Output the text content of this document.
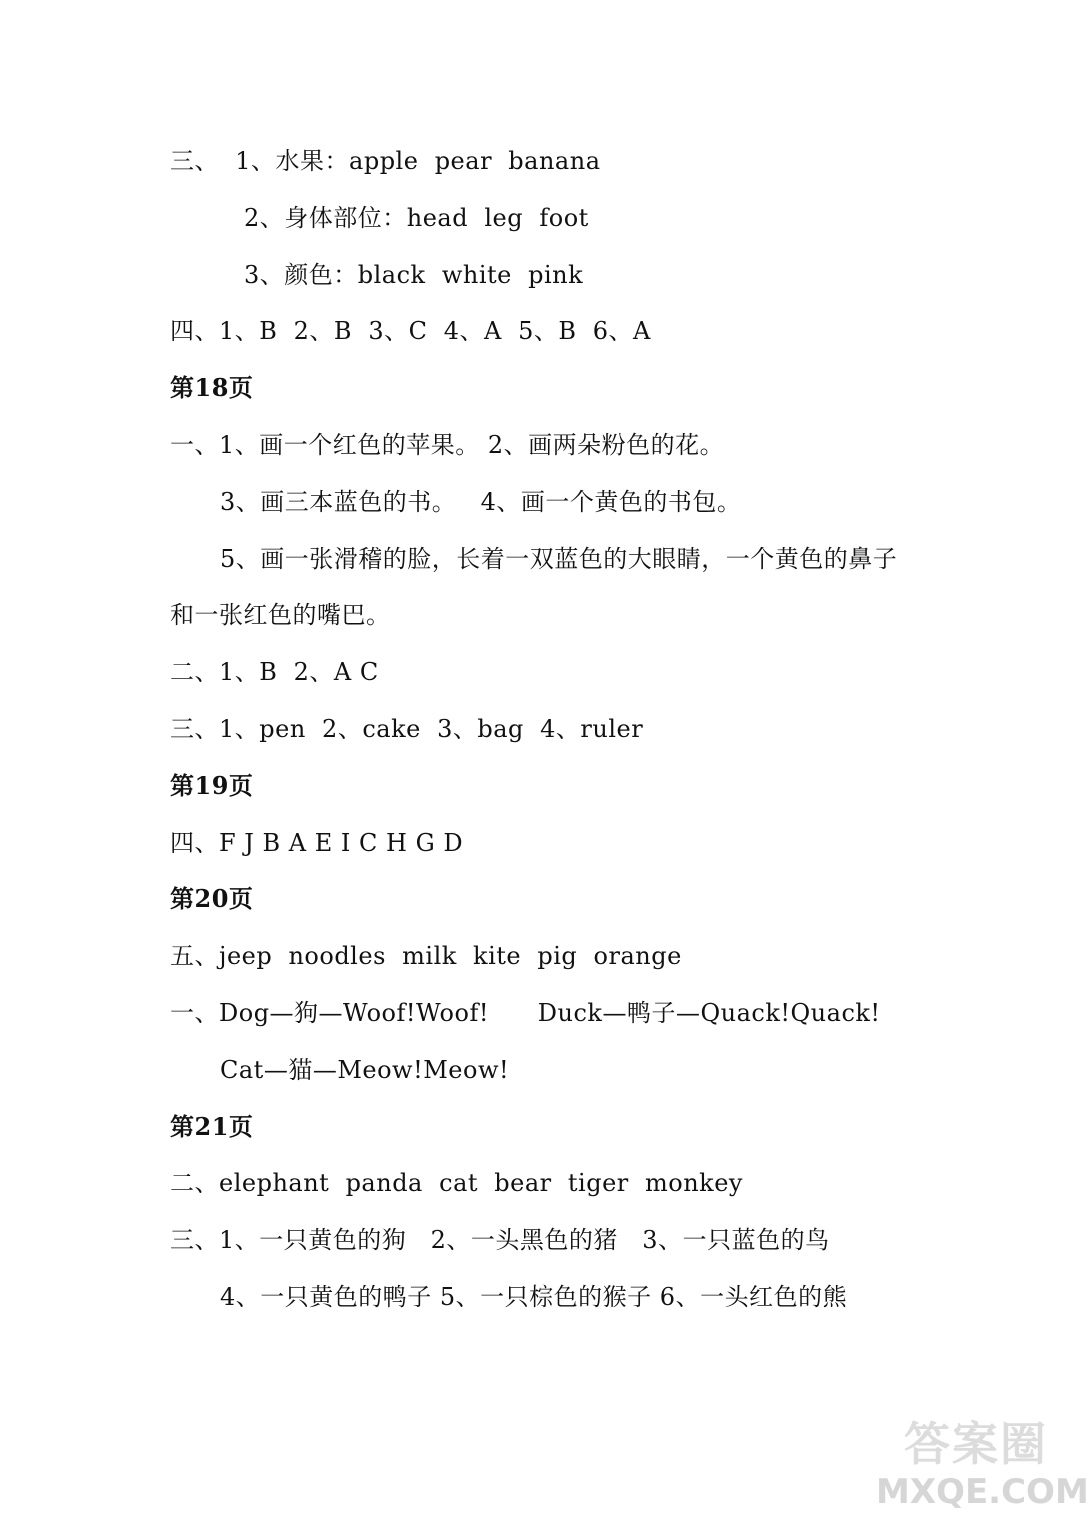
三、  1、水果：apple  pear  banana
2、身体部位：head  leg  foot
3、颜色：black  white  pink
四、1、B  2、B  3、C  4、A  5、B  6、A
第18页
一、1、画一个红色的苹果。 2、画两朵粉色的花。
3、画三本蓝色的书。   4、画一个黄色的书包。
5、画一张滑稽的脸，长着一双蓝色的大眼睛，一个黄色的鼻子
和一张红色的嘴巴。
二、1、B  2、A C
三、1、pen  2、cake  3、bag  4、ruler
第19页
四、F J B A E I C H G D
第20页
五、jeep  noodles  milk  kite  pig  orange
一、Dog—狗—Woof!Woof!      Duck—鸭子—Quack!Quack!
Cat—猫—Meow!Meow!
第21页
二、elephant  panda  cat  bear  tiger  monkey
三、1、一只黄色的狗   2、一头黑色的猪   3、一只蓝色的鸟
4、一只黄色的鸭子 5、一只棕色的猴子 6、一头红色的熊
答案圈
MXQE.COM
